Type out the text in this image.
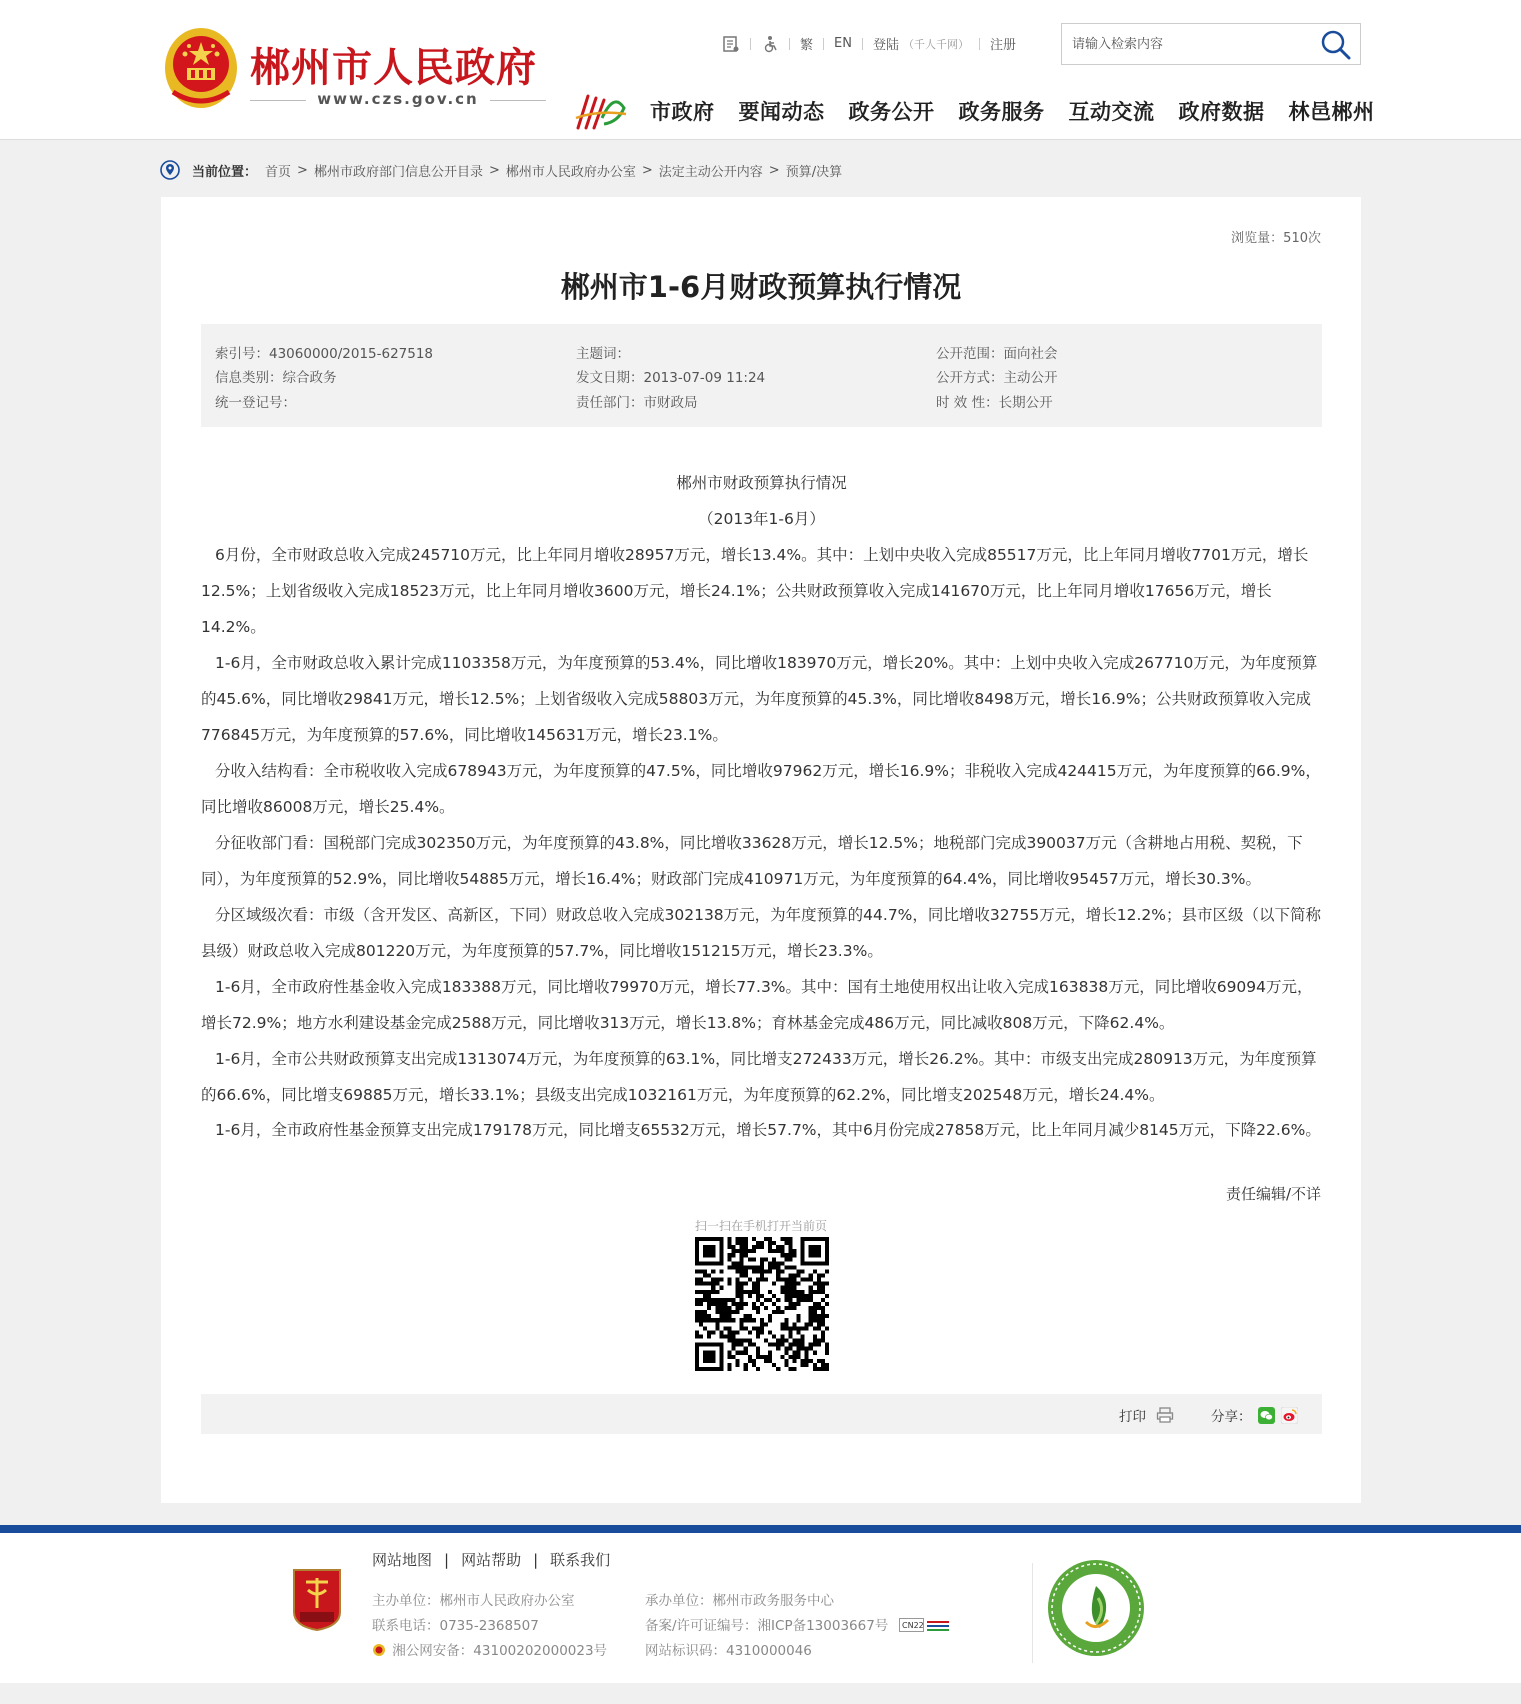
郴州市人民政府
www.czs.gov.cn
繁 EN 登陆 （千人千网） 注册
请输入检索内容
市政府 要闻动态 政务公开 政务服务 互动交流 政府数据 林邑郴州
当前位置： 首页 > 郴州市政府部门信息公开目录 > 郴州市人民政府办公室 > 法定主动公开内容 > 预算/决算
浏览量：510次
郴州市1-6月财政预算执行情况
索引号：43060000/2015-627518	主题词：	公开范围：面向社会
信息类别：综合政务	发文日期：2013-07-09 11:24	公开方式：主动公开
统一登记号：	责任部门：市财政局	时 效 性：长期公开
郴州市财政预算执行情况
（2013年1-6月）

6月份，全市财政总收入完成245710万元，比上年同月增收28957万元，增长13.4%。其中：上划中央收入完成85517万元，比上年同月增收7701万元，增长12.5%；上划省级收入完成18523万元，比上年同月增收3600万元，增长24.1%；公共财政预算收入完成141670万元，比上年同月增收17656万元，增长14.2%。

1-6月，全市财政总收入累计完成1103358万元，为年度预算的53.4%，同比增收183970万元，增长20%。其中：上划中央收入完成267710万元，为年度预算的45.6%，同比增收29841万元，增长12.5%；上划省级收入完成58803万元，为年度预算的45.3%，同比增收8498万元，增长16.9%；公共财政预算收入完成776845万元，为年度预算的57.6%，同比增收145631万元，增长23.1%。

分收入结构看：全市税收收入完成678943万元，为年度预算的47.5%，同比增收97962万元，增长16.9%；非税收入完成424415万元，为年度预算的66.9%，同比增收86008万元，增长25.4%。

分征收部门看：国税部门完成302350万元，为年度预算的43.8%，同比增收33628万元，增长12.5%；地税部门完成390037万元（含耕地占用税、契税，下同），为年度预算的52.9%，同比增收54885万元，增长16.4%；财政部门完成410971万元，为年度预算的64.4%，同比增收95457万元，增长30.3%。

分区域级次看：市级（含开发区、高新区，下同）财政总收入完成302138万元，为年度预算的44.7%，同比增收32755万元，增长12.2%；县市区级（以下简称县级）财政总收入完成801220万元，为年度预算的57.7%，同比增收151215万元，增长23.3%。

1-6月，全市政府性基金收入完成183388万元，同比增收79970万元，增长77.3%。其中：国有土地使用权出让收入完成163838万元，同比增收69094万元，增长72.9%；地方水利建设基金完成2588万元，同比增收313万元，增长13.8%；育林基金完成486万元，同比减收808万元，下降62.4%。

1-6月，全市公共财政预算支出完成1313074万元，为年度预算的63.1%，同比增支272433万元，增长26.2%。其中：市级支出完成280913万元，为年度预算的66.6%，同比增支69885万元，增长33.1%；县级支出完成1032161万元，为年度预算的62.2%，同比增支202548万元，增长24.4%。

1-6月，全市政府性基金预算支出完成179178万元，同比增支65532万元，增长57.7%，其中6月份完成27858万元，比上年同月减少8145万元，下降22.6%。

责任编辑/不详
扫一扫在手机打开当前页
打印	分享：
网站地图 | 网站帮助 | 联系我们
主办单位：郴州市人民政府办公室	承办单位：郴州市政务服务中心
联系电话：0735-2368507	备案/许可证编号：湘ICP备13003667号 CN22
湘公网安备：43100202000023号	网站标识码：4310000046
